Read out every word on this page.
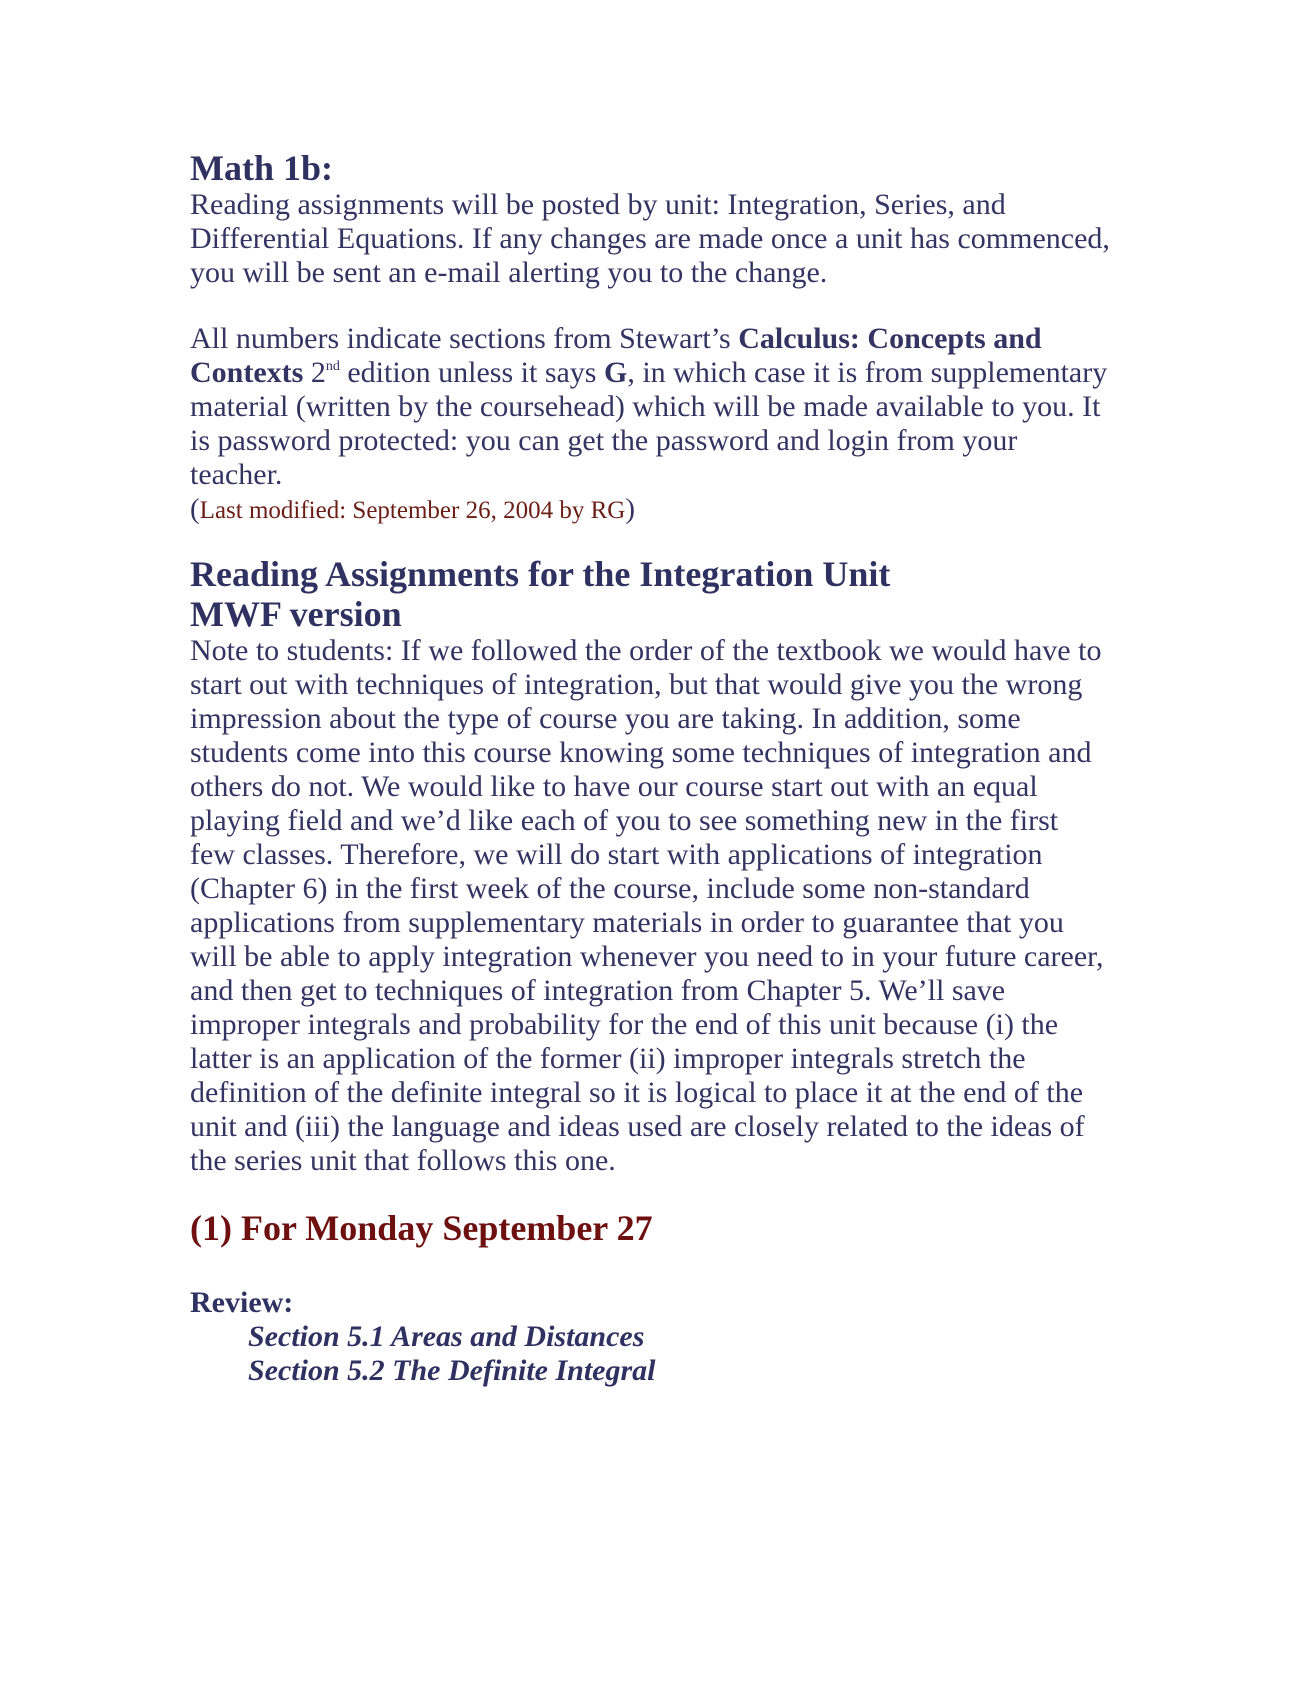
Math 1b:

Reading assignments will be posted by unit: Integration, Series, and Differential Equations. If any changes are made once a unit has commenced, you will be sent an e-mail alerting you to the change.

All numbers indicate sections from Stewart’s Calculus: Concepts and Contexts 2nd edition unless it says G, in which case it is from supplementary material (written by the coursehead) which will be made available to you. It is password protected: you can get the password and login from your teacher.

(Last modified: September 26, 2004 by RG)

Reading Assignments for the Integration Unit
MWF version

Note to students: If we followed the order of the textbook we would have to start out with techniques of integration, but that would give you the wrong impression about the type of course you are taking. In addition, some students come into this course knowing some techniques of integration and others do not. We would like to have our course start out with an equal playing field and we’d like each of you to see something new in the first few classes. Therefore, we will do start with applications of integration (Chapter 6) in the first week of the course, include some non-standard applications from supplementary materials in order to guarantee that you will be able to apply integration whenever you need to in your future career, and then get to techniques of integration from Chapter 5. We’ll save improper integrals and probability for the end of this unit because (i) the latter is an application of the former (ii) improper integrals stretch the definition of the definite integral so it is logical to place it at the end of the unit and (iii) the language and ideas used are closely related to the ideas of the series unit that follows this one.

(1) For Monday September 27

Review:

Section 5.1 Areas and Distances

Section 5.2 The Definite Integral
